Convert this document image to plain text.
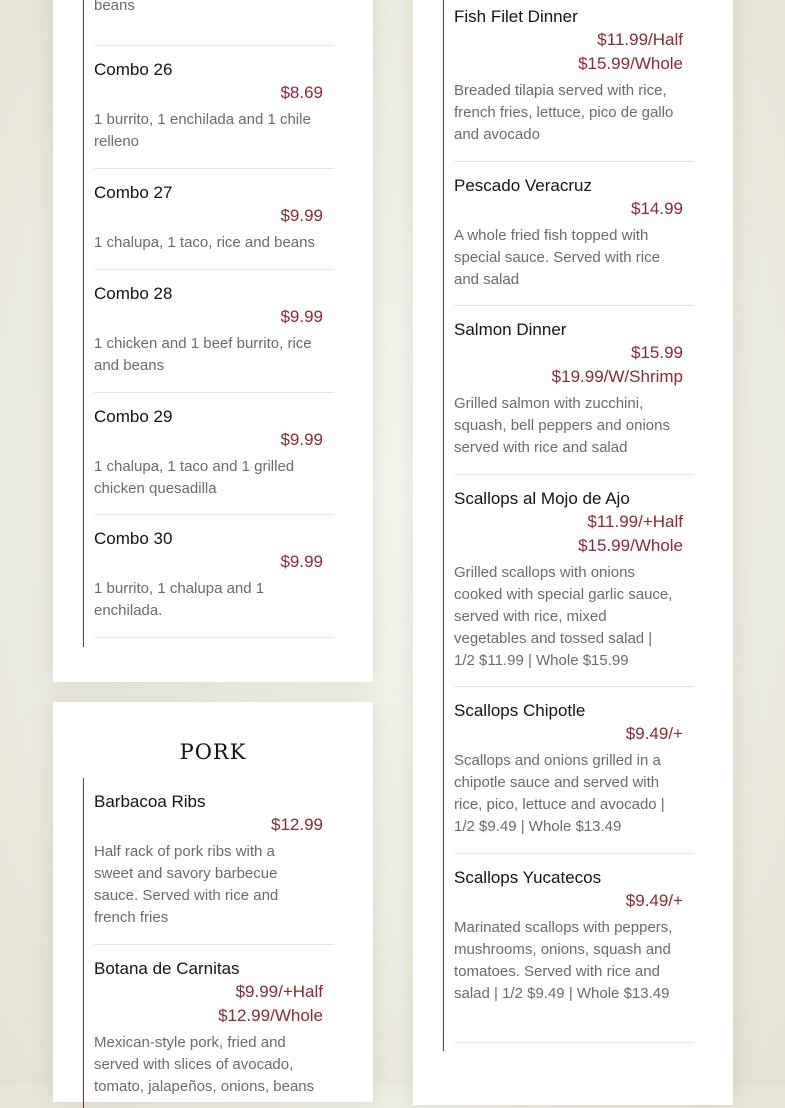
beans
Combo 26
$8.69
1 burrito, 1 enchilada and 1 chile relleno
Combo 27
$9.99
1 chalupa, 1 taco, rice and beans
Combo 28
$9.99
1 chicken and 1 beef burrito, rice and beans
Combo 29
$9.99
1 chalupa, 1 taco and 1 grilled chicken quesadilla
Combo 30
$9.99
1 burrito, 1 chalupa and 1 enchilada.
PORK
Barbacoa Ribs
$12.99
Half rack of pork ribs with a sweet and savory barbecue sauce. Served with rice and french fries
Botana de Carnitas
$9.99/+Half
$12.99/Whole
Mexican-style pork, fried and served with slices of avocado, tomato, jalapeños, onions, beans
Fish Filet Dinner
$11.99/Half
$15.99/Whole
Breaded tilapia served with rice, french fries, lettuce, pico de gallo and avocado
Pescado Veracruz
$14.99
A whole fried fish topped with special sauce. Served with rice and salad
Salmon Dinner
$15.99
$19.99/W/Shrimp
Grilled salmon with zucchini, squash, bell peppers and onions served with rice and salad
Scallops al Mojo de Ajo
$11.99/+Half
$15.99/Whole
Grilled scallops with onions cooked with special garlic sauce, served with rice, mixed vegetables and tossed salad | 1/2 $11.99 | Whole $15.99
Scallops Chipotle
$9.49/+
Scallops and onions grilled in a chipotle sauce and served with rice, pico, lettuce and avocado | 1/2 $9.49 | Whole $13.49
Scallops Yucatecos
$9.49/+
Marinated scallops with peppers, mushrooms, onions, squash and tomatoes. Served with rice and salad | 1/2 $9.49 | Whole $13.49
